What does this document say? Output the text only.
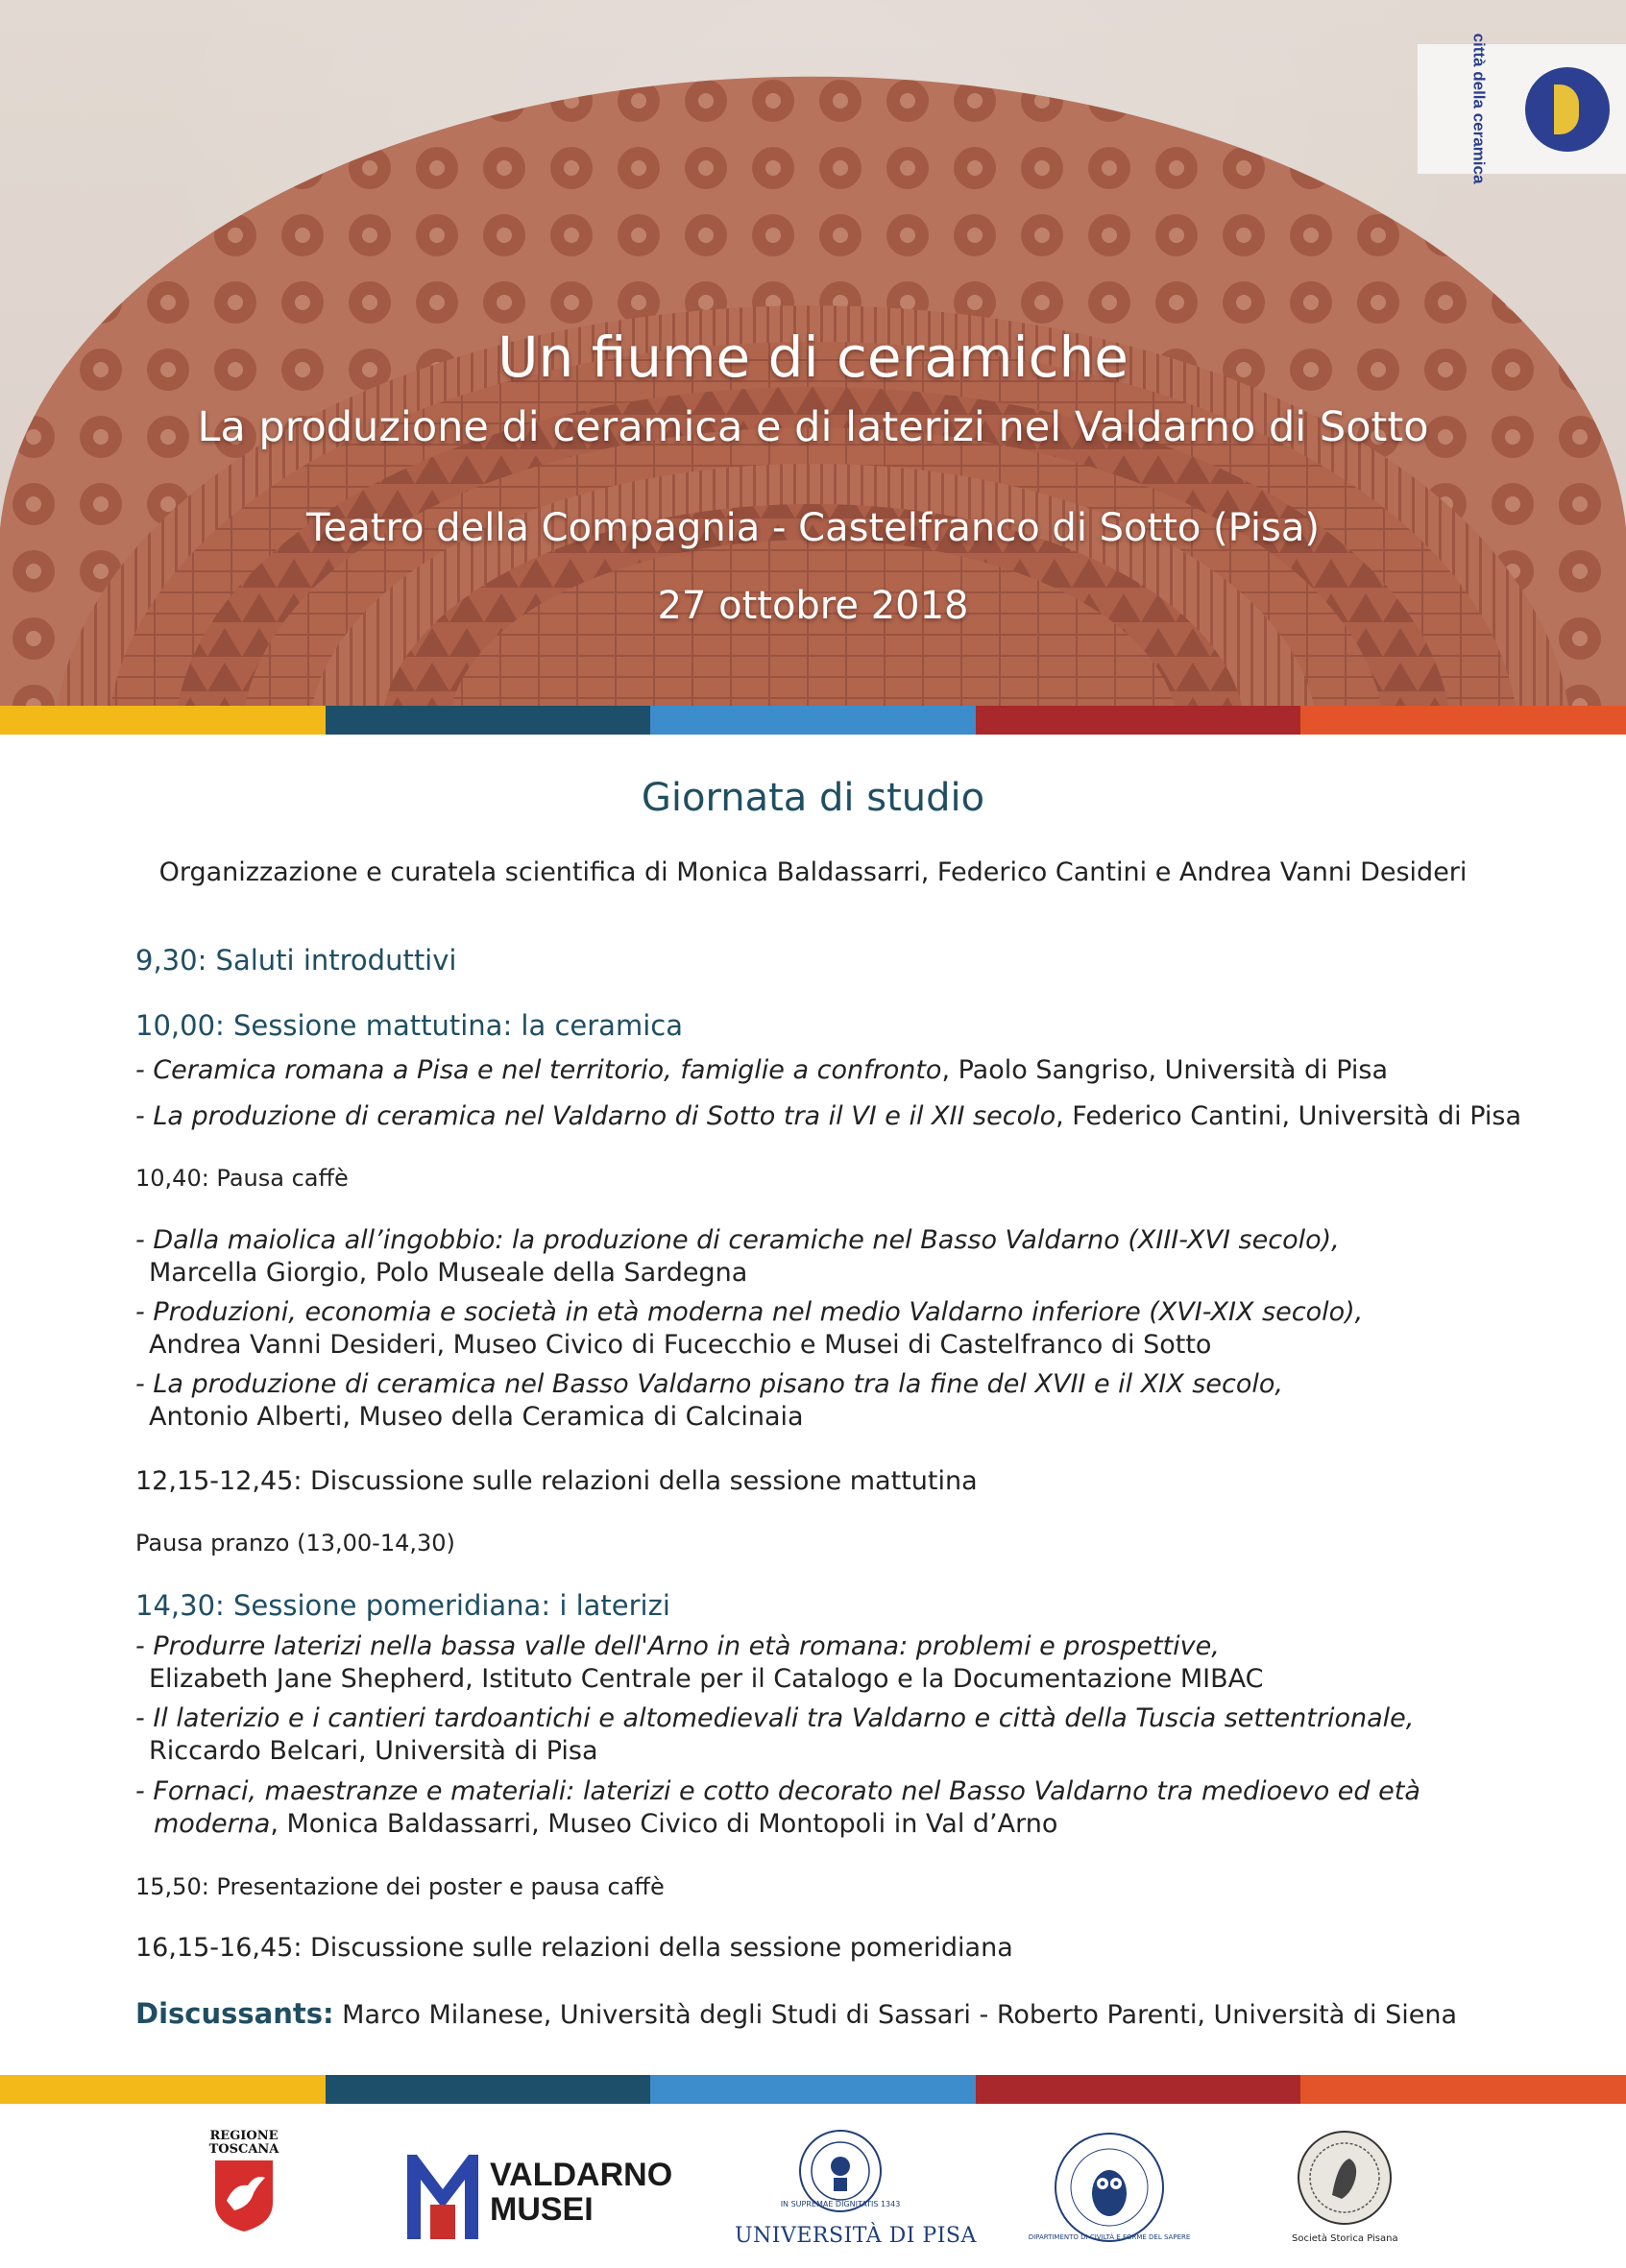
città della ceramica
Un fiume di ceramiche
La produzione di ceramica e di laterizi nel Valdarno di Sotto
Teatro della Compagnia - Castelfranco di Sotto (Pisa)
27 ottobre 2018
Giornata di studio
Organizzazione e curatela scientifica di Monica Baldassarri, Federico Cantini e Andrea Vanni Desideri
9,30: Saluti introduttivi
10,00: Sessione mattutina: la ceramica
- Ceramica romana a Pisa e nel territorio, famiglie a confronto, Paolo Sangriso, Università di Pisa
- La produzione di ceramica nel Valdarno di Sotto tra il VI e il XII secolo, Federico Cantini, Università di Pisa
10,40: Pausa caffè
- Dalla maiolica all’ingobbio: la produzione di ceramiche nel Basso Valdarno (XIII-XVI secolo),
Marcella Giorgio, Polo Museale della Sardegna
- Produzioni, economia e società in età moderna nel medio Valdarno inferiore (XVI-XIX secolo),
Andrea Vanni Desideri, Museo Civico di Fucecchio e Musei di Castelfranco di Sotto
- La produzione di ceramica nel Basso Valdarno pisano tra la fine del XVII e il XIX secolo,
Antonio Alberti, Museo della Ceramica di Calcinaia
12,15-12,45: Discussione sulle relazioni della sessione mattutina
Pausa pranzo (13,00-14,30)
14,30: Sessione pomeridiana: i laterizi
- Produrre laterizi nella bassa valle dell'Arno in età romana: problemi e prospettive,
Elizabeth Jane Shepherd, Istituto Centrale per il Catalogo e la Documentazione MIBAC
- Il laterizio e i cantieri tardoantichi e altomedievali tra Valdarno e città della Tuscia settentrionale,
Riccardo Belcari, Università di Pisa
- Fornaci, maestranze e materiali: laterizi e cotto decorato nel Basso Valdarno tra medioevo ed età
moderna, Monica Baldassarri, Museo Civico di Montopoli in Val d’Arno
15,50: Presentazione dei poster e pausa caffè
16,15-16,45: Discussione sulle relazioni della sessione pomeridiana
Discussants: Marco Milanese, Università degli Studi di Sassari - Roberto Parenti, Università di Siena
REGIONE TOSCANA
VALDARNO
MUSEI	IN SUPREMAE DIGNITATIS 1343
UNIVERSITÀ DI PISA	DIPARTIMENTO DI CIVILTÀ E FORME DEL SAPERE	Società Storica Pisana
